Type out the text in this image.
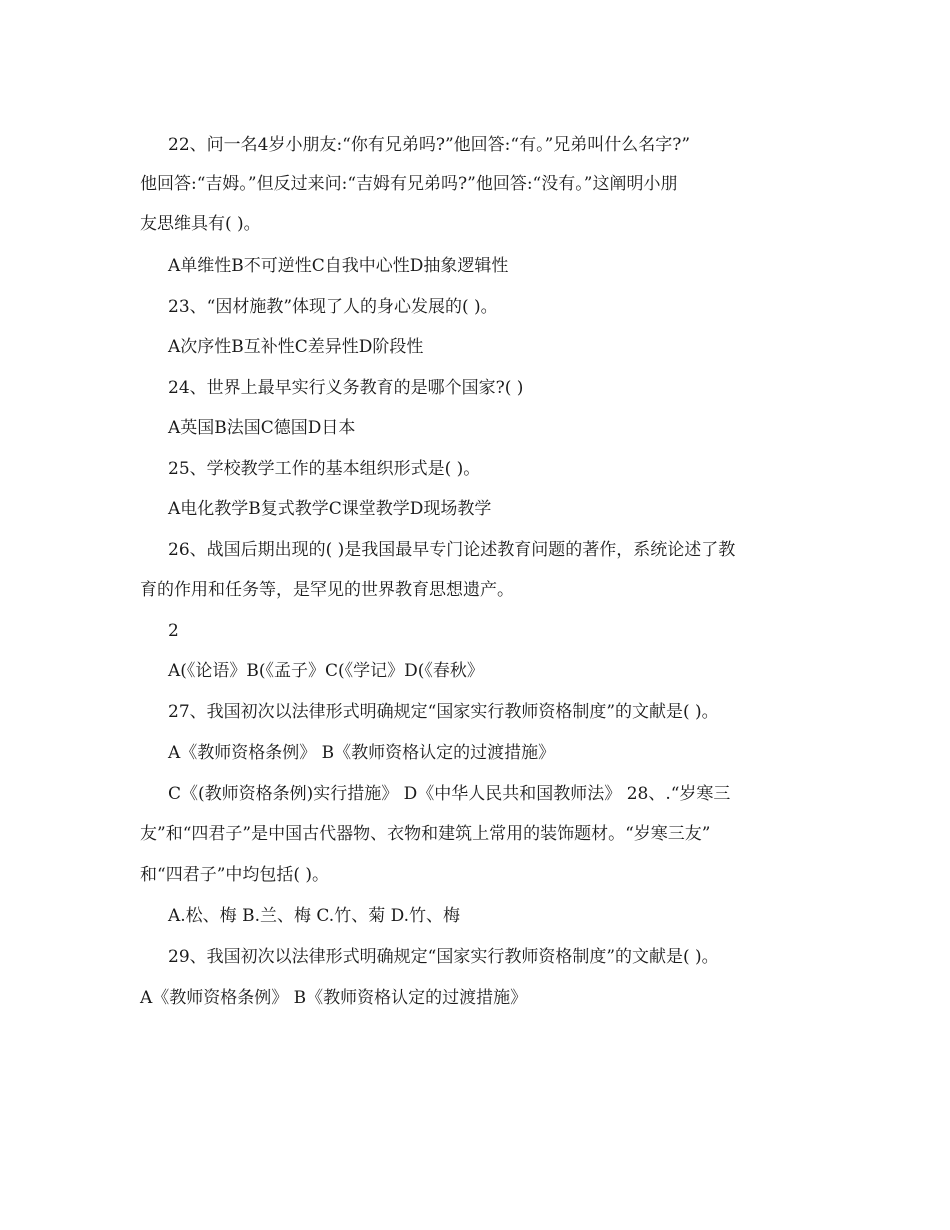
22、问一名4岁小朋友:“你有兄弟吗?”他回答:“有。”兄弟叫什么名字?”
他回答:“吉姆。”但反过来问:“吉姆有兄弟吗?”他回答:“没有。”这阐明小朋
友思维具有( )。
A单维性B不可逆性C自我中心性D抽象逻辑性
23、“因材施教”体现了人的身心发展的( )。
A次序性B互补性C差异性D阶段性
24、世界上最早实行义务教育的是哪个国家?( )
A英国B法国C德国D日本
25、学校教学工作的基本组织形式是( )。
A电化教学B复式教学C课堂教学D现场教学
26、战国后期出现的( )是我国最早专门论述教育问题的著作，系统论述了教
育的作用和任务等，是罕见的世界教育思想遗产。
2
A(《论语》B(《孟子》C(《学记》D(《春秋》
27、我国初次以法律形式明确规定“国家实行教师资格制度”的文献是( )。
A《教师资格条例》 B《教师资格认定的过渡措施》
C《(教师资格条例)实行措施》 D《中华人民共和国教师法》 28、.“岁寒三
友”和“四君子”是中国古代器物、衣物和建筑上常用的装饰题材。“岁寒三友”
和“四君子”中均包括( )。
A.松、梅 B.兰、梅 C.竹、菊 D.竹、梅
29、我国初次以法律形式明确规定“国家实行教师资格制度”的文献是( )。
A《教师资格条例》 B《教师资格认定的过渡措施》
